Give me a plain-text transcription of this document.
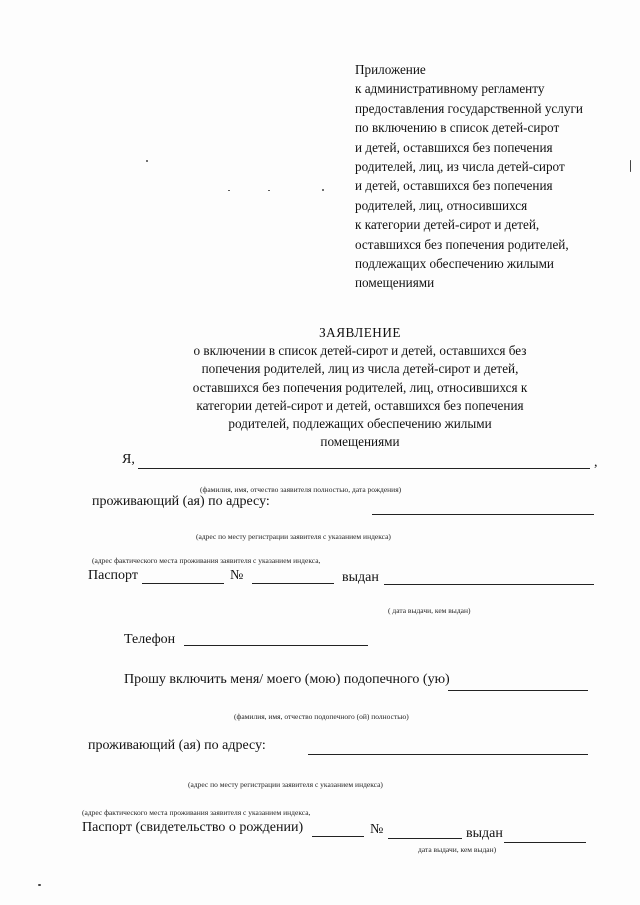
Приложение
к административному регламенту
предоставления государственной услуги
по включению в список детей-сирот
и детей, оставшихся без попечения
родителей, лиц, из числа детей-сирот
и детей, оставшихся без попечения
родителей, лиц, относившихся
к категории детей-сирот и детей,
оставшихся без попечения родителей,
подлежащих обеспечению жилыми
помещениями
ЗАЯВЛЕНИЕ
о включении в список детей-сирот и детей, оставшихся без
попечения родителей, лиц из числа детей-сирот и детей,
оставшихся без попечения родителей, лиц, относившихся к
категории детей-сирот и детей, оставшихся без попечения
родителей, подлежащих обеспечению жилыми
помещениями
Я,	,
(фамилия, имя, отчество заявителя полностью, дата рождения)
проживающий (ая) по адресу:
(адрес по месту регистрации заявителя с указанием индекса)
(адрес фактического места проживания заявителя с указанием индекса,
Паспорт	№	выдан
( дата выдачи, кем выдан)
Телефон
Прошу включить меня/ моего (мою) подопечного (ую)
(фамилия, имя, отчество подопечного (ой) полностью)
проживающий (ая) по адресу:
(адрес по месту регистрации заявителя с указанием индекса)
(адрес фактического места проживания заявителя с указанием индекса,
Паспорт (свидетельство о рождении)	№	выдан
дата выдачи, кем выдан)
